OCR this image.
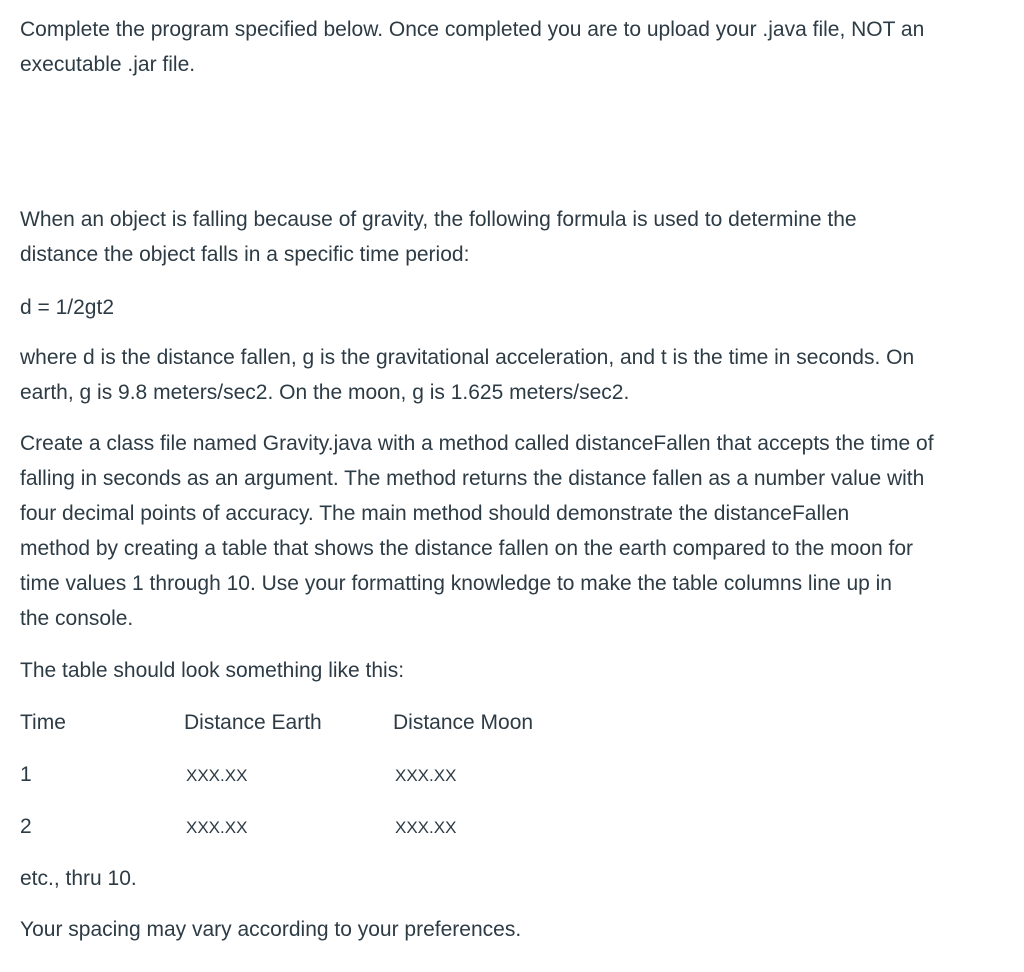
Complete the program specified below. Once completed you are to upload your .java file, NOT an
executable .jar file.
When an object is falling because of gravity, the following formula is used to determine the
distance the object falls in a specific time period:
d = 1/2gt2
where d is the distance fallen, g is the gravitational acceleration, and t is the time in seconds. On
earth, g is 9.8 meters/sec2. On the moon, g is 1.625 meters/sec2.
Create a class file named Gravity.java with a method called distanceFallen that accepts the time of
falling in seconds as an argument. The method returns the distance fallen as a number value with
four decimal points of accuracy. The main method should demonstrate the distanceFallen
method by creating a table that shows the distance fallen on the earth compared to the moon for
time values 1 through 10. Use your formatting knowledge to make the table columns line up in
the console.
The table should look something like this:
Time	Distance Earth	Distance Moon
1	XXX.XX	XXX.XX
2	XXX.XX	XXX.XX
etc., thru 10.
Your spacing may vary according to your preferences.
